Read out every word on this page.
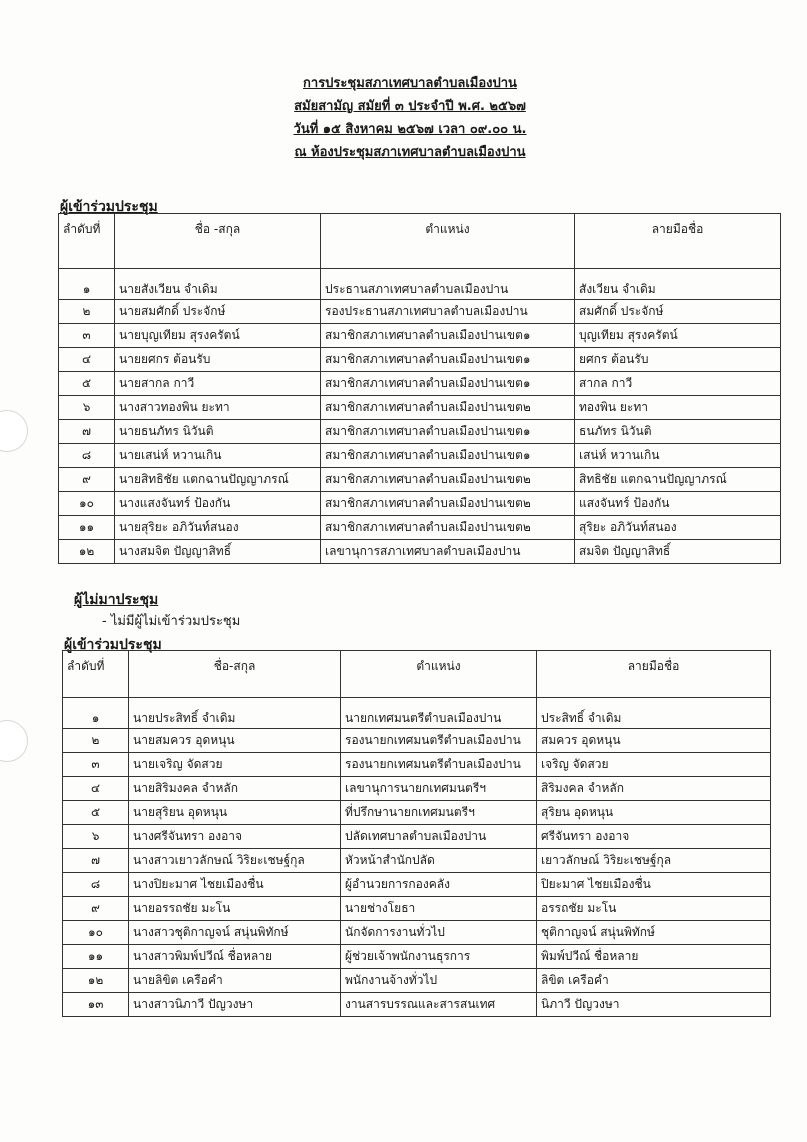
การประชุมสภาเทศบาลตำบลเมืองปาน
สมัยสามัญ สมัยที่ ๓ ประจำปี พ.ศ. ๒๕๖๗
วันที่ ๑๕ สิงหาคม ๒๕๖๗ เวลา ๐๙.๐๐ น.
ณ ห้องประชุมสภาเทศบาลตำบลเมืองปาน
ผู้เข้าร่วมประชุม
ลำดับที่	ชื่อ -สกุล	ตำแหน่ง	ลายมือชื่อ
๑	นายสังเวียน จำเดิม	ประธานสภาเทศบาลตำบลเมืองปาน	สังเวียน จำเดิม
๒	นายสมศักดิ์ ประจักษ์	รองประธานสภาเทศบาลตำบลเมืองปาน	สมศักดิ์ ประจักษ์
๓	นายบุญเทียม สุรงครัตน์	สมาชิกสภาเทศบาลตำบลเมืองปานเขต๑	บุญเทียม สุรงครัตน์
๔	นายยศกร ต้อนรับ	สมาชิกสภาเทศบาลตำบลเมืองปานเขต๑	ยศกร ต้อนรับ
๕	นายสากล กาวี	สมาชิกสภาเทศบาลตำบลเมืองปานเขต๑	สากล กาวี
๖	นางสาวทองพิน ยะทา	สมาชิกสภาเทศบาลตำบลเมืองปานเขต๒	ทองพิน ยะทา
๗	นายธนภัทร นิวันติ	สมาชิกสภาเทศบาลตำบลเมืองปานเขต๑	ธนภัทร นิวันติ
๘	นายเสน่ห์ หวานเกิน	สมาชิกสภาเทศบาลตำบลเมืองปานเขต๑	เสน่ห์ หวานเกิน
๙	นายสิทธิชัย แตกฉานปัญญาภรณ์	สมาชิกสภาเทศบาลตำบลเมืองปานเขต๒	สิทธิชัย แตกฉานปัญญาภรณ์
๑๐	นางแสงจันทร์ ป้องกัน	สมาชิกสภาเทศบาลตำบลเมืองปานเขต๒	แสงจันทร์ ป้องกัน
๑๑	นายสุริยะ อภิวันท์สนอง	สมาชิกสภาเทศบาลตำบลเมืองปานเขต๒	สุริยะ อภิวันท์สนอง
๑๒	นางสมจิต ปัญญาสิทธิ์	เลขานุการสภาเทศบาลตำบลเมืองปาน	สมจิต ปัญญาสิทธิ์
ผู้ไม่มาประชุม
- ไม่มีผู้ไม่เข้าร่วมประชุม
ผู้เข้าร่วมประชุม
ลำดับที่	ชื่อ-สกุล	ตำแหน่ง	ลายมือชื่อ
๑	นายประสิทธิ์ จำเดิม	นายกเทศมนตรีตำบลเมืองปาน	ประสิทธิ์ จำเดิม
๒	นายสมควร อุดหนุน	รองนายกเทศมนตรีตำบลเมืองปาน	สมควร อุดหนุน
๓	นายเจริญ จัดสวย	รองนายกเทศมนตรีตำบลเมืองปาน	เจริญ จัดสวย
๔	นายสิริมงคล จำหลัก	เลขานุการนายกเทศมนตรีฯ	สิริมงคล จำหลัก
๕	นายสุริยน อุดหนุน	ที่ปรึกษานายกเทศมนตรีฯ	สุริยน อุดหนุน
๖	นางศรีจันทรา องอาจ	ปลัดเทศบาลตำบลเมืองปาน	ศรีจันทรา องอาจ
๗	นางสาวเยาวลักษณ์ วิริยะเชษฐ์กุล	หัวหน้าสำนักปลัด	เยาวลักษณ์ วิริยะเชษฐ์กุล
๘	นางปิยะมาศ ไชยเมืองชื่น	ผู้อำนวยการกองคลัง	ปิยะมาศ ไชยเมืองชื่น
๙	นายอรรถชัย มะโน	นายช่างโยธา	อรรถชัย มะโน
๑๐	นางสาวชุติกาญจน์ สนุ่นพิทักษ์	นักจัดการงานทั่วไป	ชุติกาญจน์ สนุ่นพิทักษ์
๑๑	นางสาวพิมพ์ปวีณ์ ชื่อหลาย	ผู้ช่วยเจ้าพนักงานธุรการ	พิมพ์ปวีณ์ ชื่อหลาย
๑๒	นายลิขิต เครือคำ	พนักงานจ้างทั่วไป	ลิขิต เครือคำ
๑๓	นางสาวนิภาวี ปัญวงษา	งานสารบรรณและสารสนเทศ	นิภาวี ปัญวงษา
